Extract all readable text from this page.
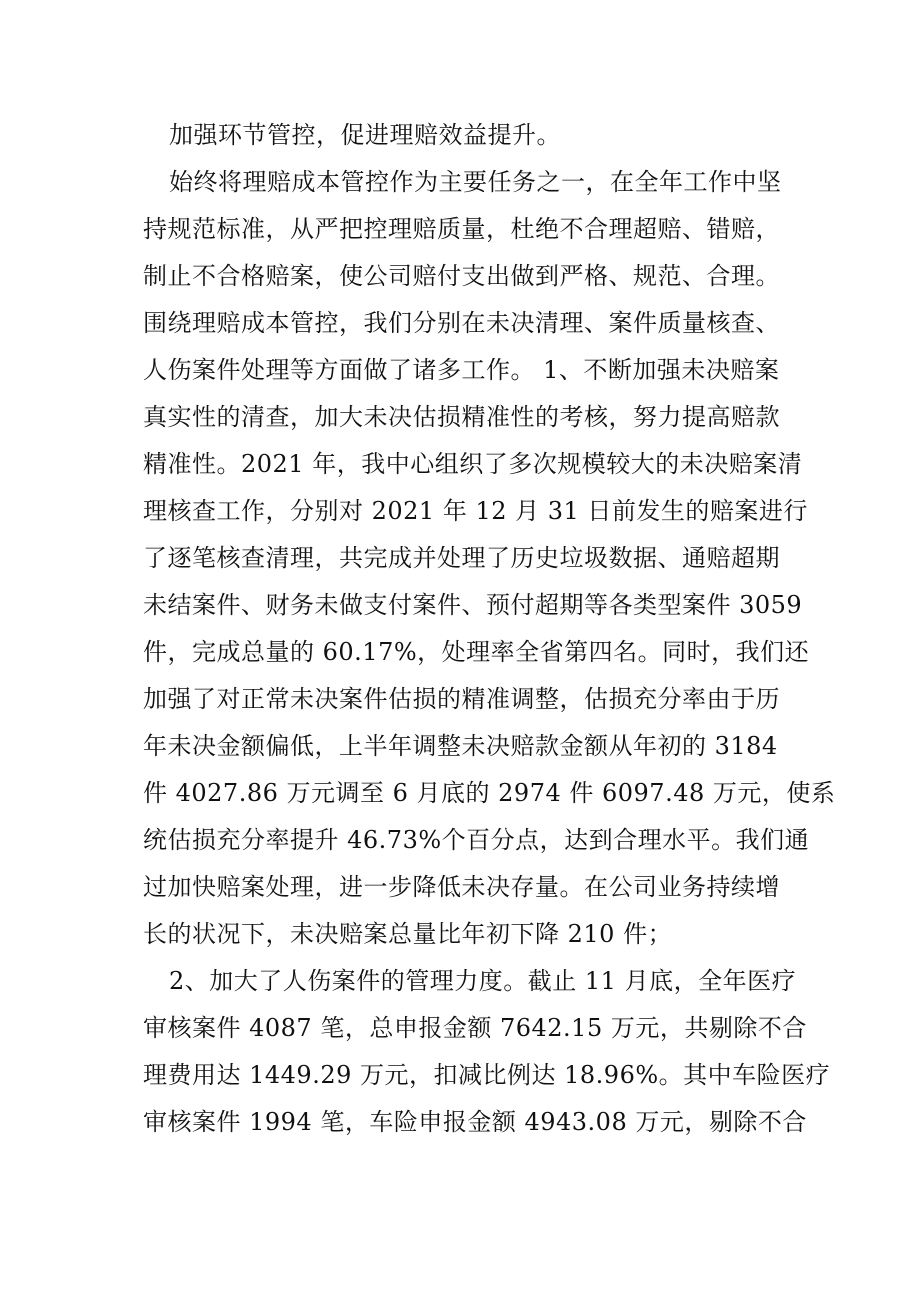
加强环节管控，促进理赔效益提升。
始终将理赔成本管控作为主要任务之一，在全年工作中坚
持规范标准，从严把控理赔质量，杜绝不合理超赔、错赔，
制止不合格赔案，使公司赔付支出做到严格、规范、合理。
围绕理赔成本管控，我们分别在未决清理、案件质量核查、
人伤案件处理等方面做了诸多工作。 1、不断加强未决赔案
真实性的清查，加大未决估损精准性的考核，努力提高赔款
精准性。2021 年，我中心组织了多次规模较大的未决赔案清
理核查工作，分别对 2021 年 12 月 31 日前发生的赔案进行
了逐笔核查清理，共完成并处理了历史垃圾数据、通赔超期
未结案件、财务未做支付案件、预付超期等各类型案件 3059
件，完成总量的 60.17%，处理率全省第四名。同时，我们还
加强了对正常未决案件估损的精准调整，估损充分率由于历
年未决金额偏低，上半年调整未决赔款金额从年初的 3184
件 4027.86 万元调至 6 月底的 2974 件 6097.48 万元，使系
统估损充分率提升 46.73%个百分点，达到合理水平。我们通
过加快赔案处理，进一步降低未决存量。在公司业务持续增
长的状况下，未决赔案总量比年初下降 210 件；
2、加大了人伤案件的管理力度。截止 11 月底，全年医疗
审核案件 4087 笔，总申报金额 7642.15 万元，共剔除不合
理费用达 1449.29 万元，扣减比例达 18.96%。其中车险医疗
审核案件 1994 笔，车险申报金额 4943.08 万元，剔除不合
